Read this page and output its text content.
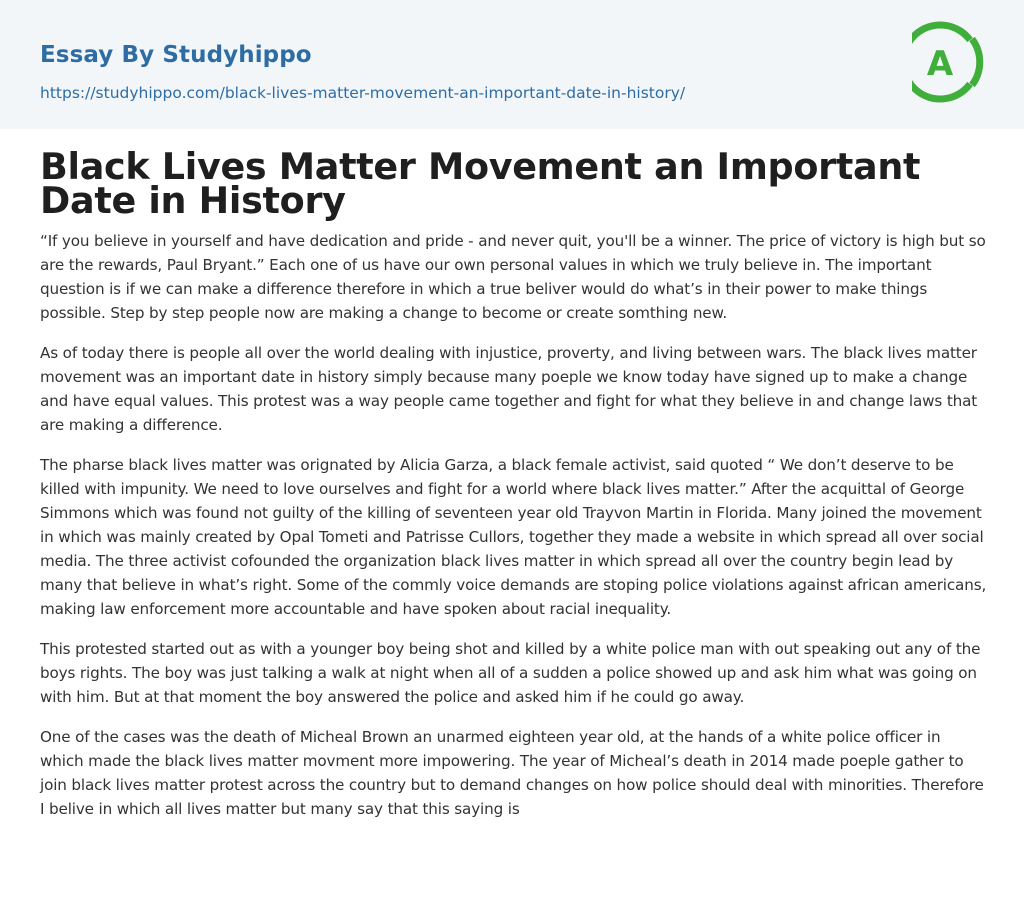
Essay By Studyhippo
https://studyhippo.com/black-lives-matter-movement-an-important-date-in-history/
A
Black Lives Matter Movement an Important Date in History

“If you believe in yourself and have dedication and pride - and never quit, you'll be a winner. The price of victory is high but so are the rewards, Paul Bryant.” Each one of us have our own personal values in which we truly believe in. The important question is if we can make a difference therefore in which a true beliver would do what’s in their power to make things possible. Step by step people now are making a change to become or create somthing new.

As of today there is people all over the world dealing with injustice, proverty, and living between wars. The black lives matter movement was an important date in history simply because many poeple we know today have signed up to make a change and have equal values. This protest was a way people came together and fight for what they believe in and change laws that are making a difference.

The pharse black lives matter was orignated by Alicia Garza, a black female activist, said quoted “ We don’t deserve to be killed with impunity. We need to love ourselves and fight for a world where black lives matter.” After the acquittal of George Simmons which was found not guilty of the killing of seventeen year old Trayvon Martin in Florida. Many joined the movement in which was mainly created by Opal Tometi and Patrisse Cullors, together they made a website in which spread all over social media. The three activist cofounded the organization black lives matter in which spread all over the country begin lead by many that believe in what’s right. Some of the commly voice demands are stoping police violations against african americans, making law enforcement more accountable and have spoken about racial inequality.

This protested started out as with a younger boy being shot and killed by a white police man with out speaking out any of the boys rights. The boy was just talking a walk at night when all of a sudden a police showed up and ask him what was going on with him. But at that moment the boy answered the police and asked him if he could go away.

One of the cases was the death of Micheal Brown an unarmed eighteen year old, at the hands of a white police officer in which made the black lives matter movment more impowering. The year of Micheal’s death in 2014 made poeple gather to join black lives matter protest across the country but to demand changes on how police should deal with minorities. Therefore I belive in which all lives matter but many say that this saying is
